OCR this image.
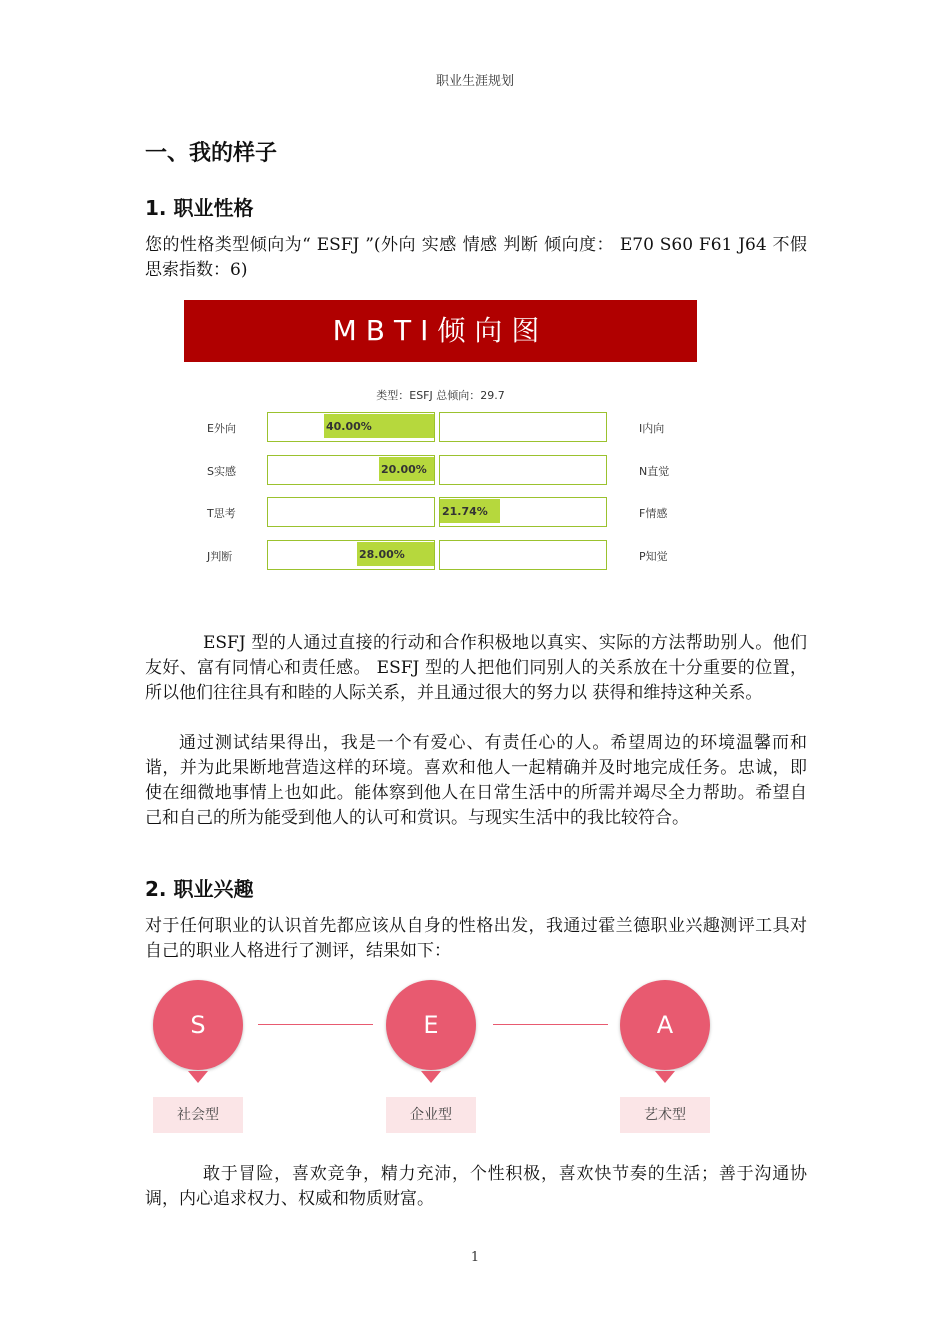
职业生涯规划
一、我的样子
1. 职业性格
您的性格类型倾向为“ ESFJ ”(外向 实感 情感 判断 倾向度： E70 S60 F61 J64 不假思索指数：6)
MBTI倾向图
类型：ESFJ 总倾向：29.7
E外向	40.00%	I内向
S实感	20.00%	N直觉
T思考	21.74%	F情感
J判断	28.00%	P知觉
ESFJ 型的人通过直接的行动和合作积极地以真实、实际的方法帮助别人。他们友好、富有同情心和责任感。 ESFJ 型的人把他们同别人的关系放在十分重要的位置，所以他们往往具有和睦的人际关系，并且通过很大的努力以 获得和维持这种关系。
通过测试结果得出，我是一个有爱心、有责任心的人。希望周边的环境温馨而和谐，并为此果断地营造这样的环境。喜欢和他人一起精确并及时地完成任务。忠诚，即使在细微地事情上也如此。能体察到他人在日常生活中的所需并竭尽全力帮助。希望自己和自己的所为能受到他人的认可和赏识。与现实生活中的我比较符合。
2. 职业兴趣
对于任何职业的认识首先都应该从自身的性格出发，我通过霍兰德职业兴趣测评工具对自己的职业人格进行了测评，结果如下：
S
社会型
E
企业型
A
艺术型
敢于冒险，喜欢竞争，精力充沛，个性积极，喜欢快节奏的生活；善于沟通协调，内心追求权力、权威和物质财富。
1
